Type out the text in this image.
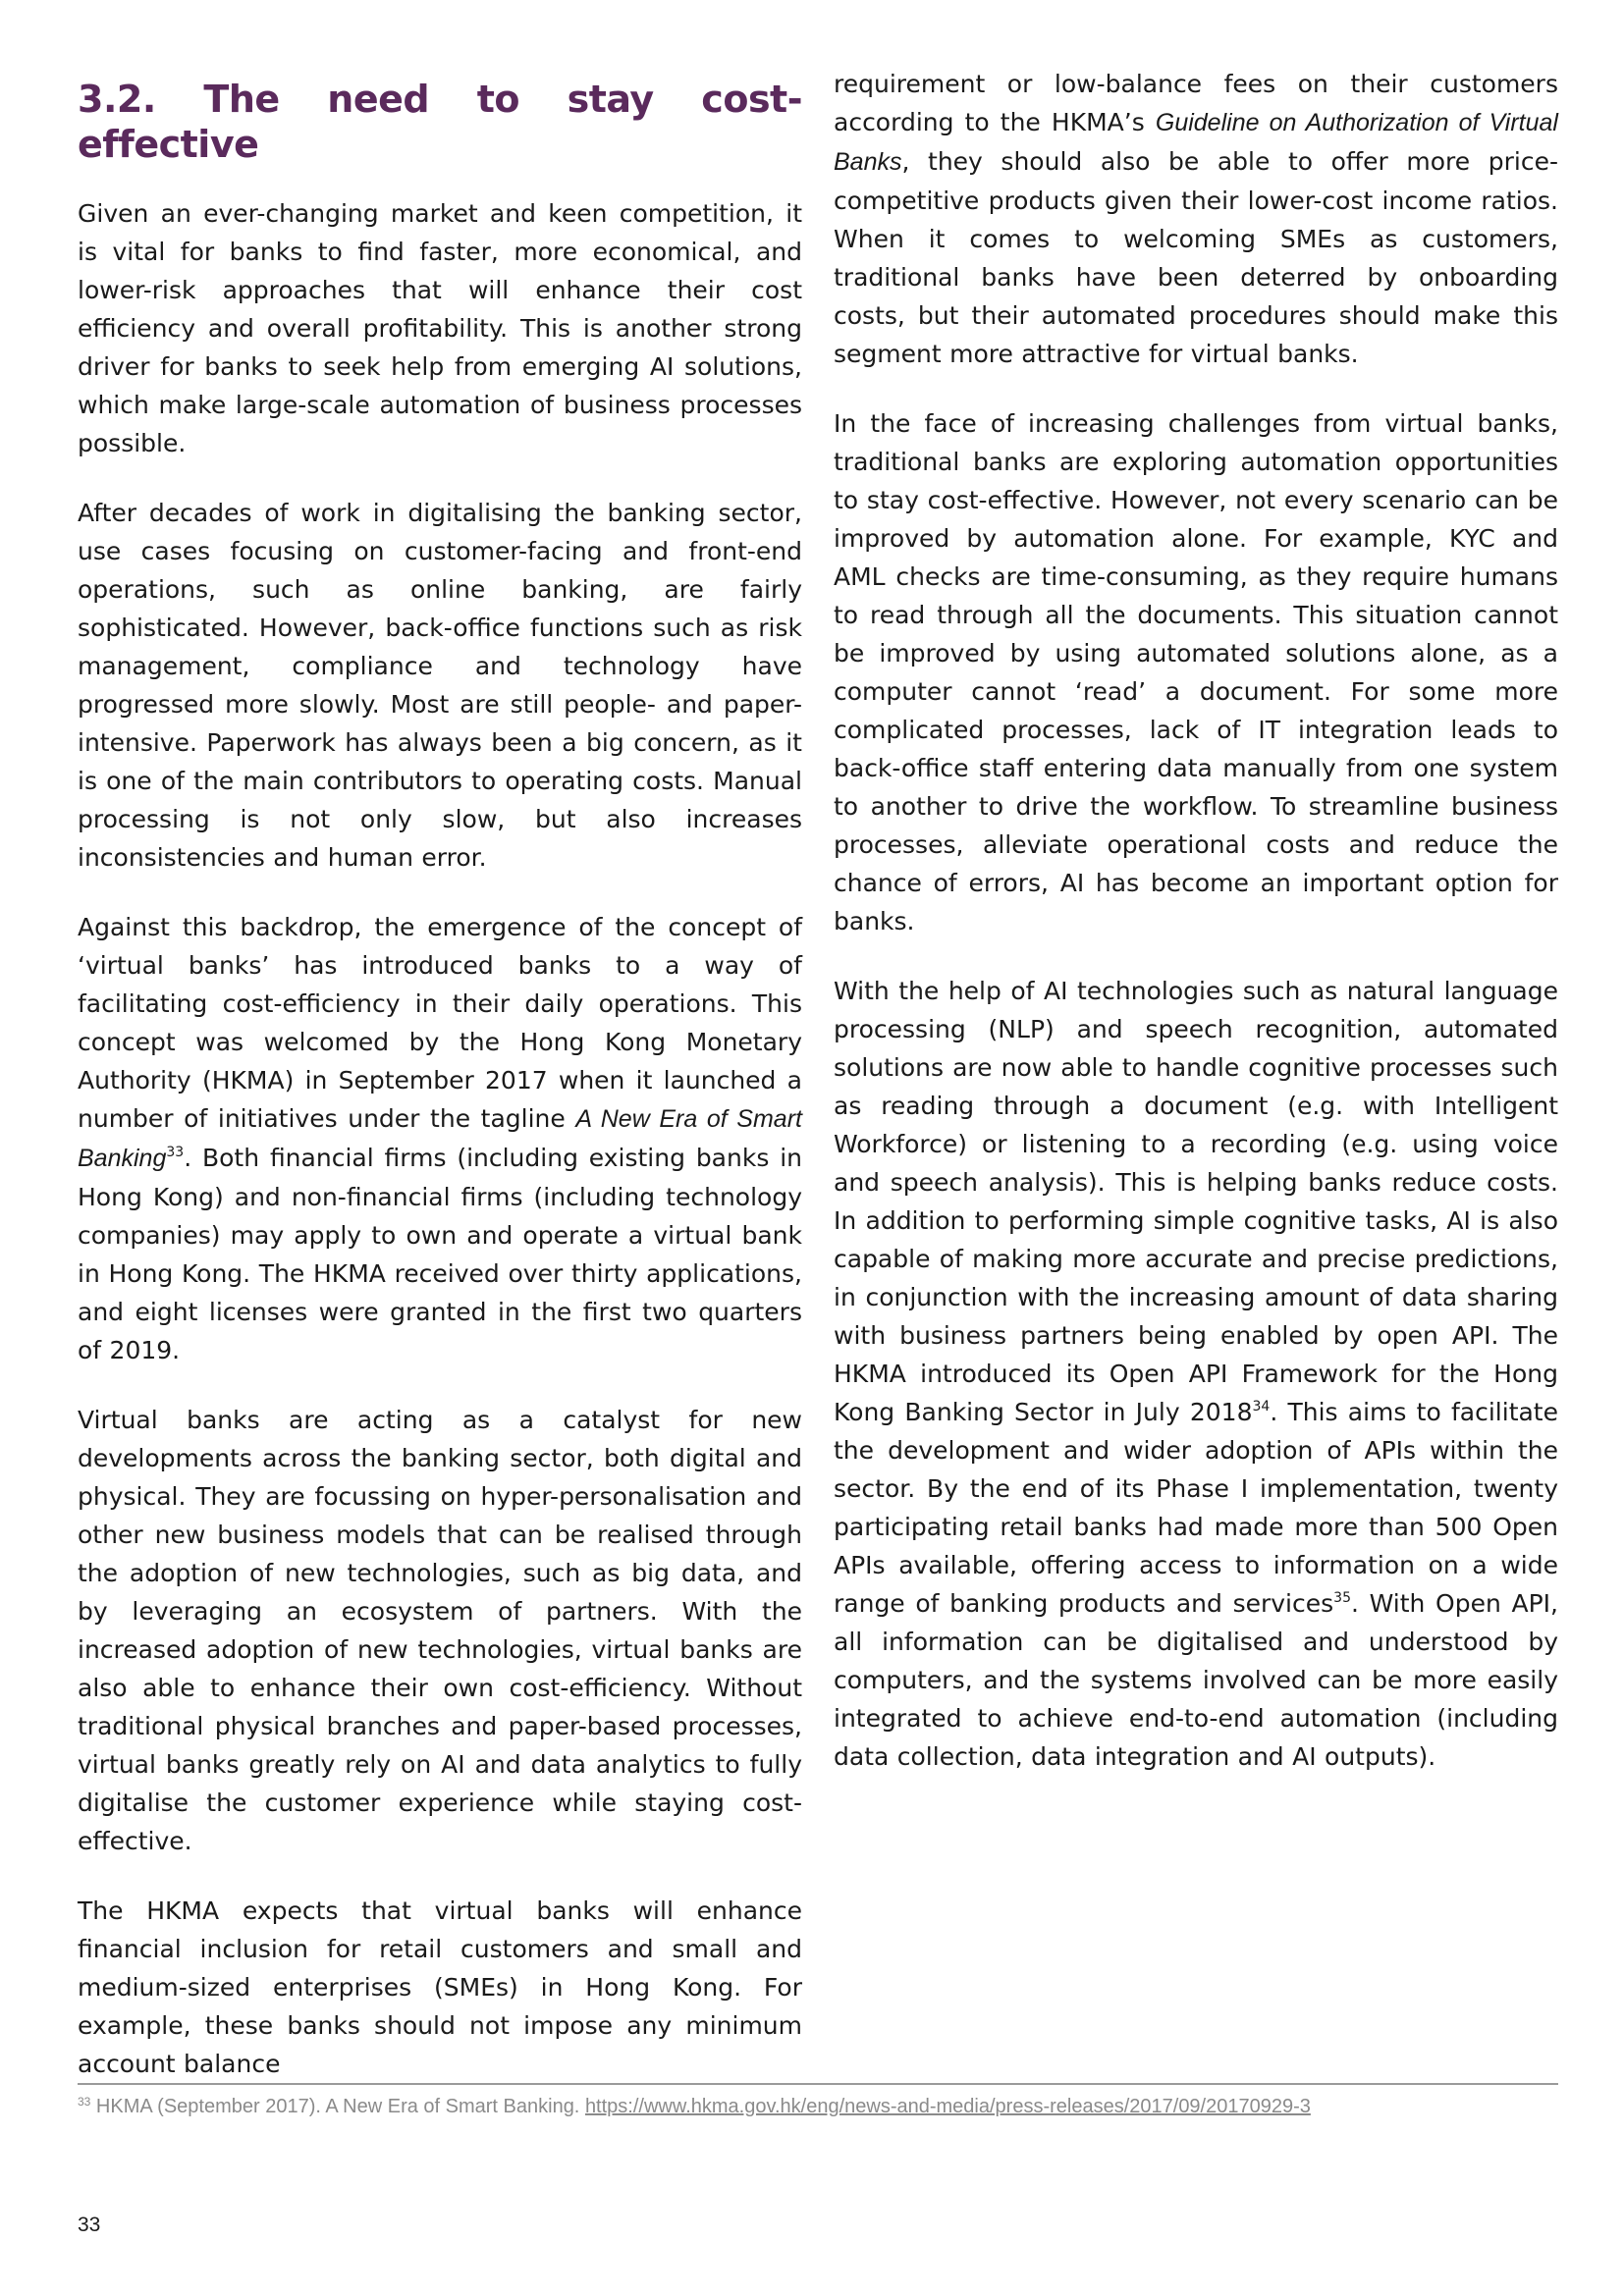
3.2. The need to stay cost-effective

Given an ever-changing market and keen competition, it is vital for banks to find faster, more economical, and lower-risk approaches that will enhance their cost efficiency and overall profitability. This is another strong driver for banks to seek help from emerging AI solutions, which make large-scale automation of business processes possible.

After decades of work in digitalising the banking sector, use cases focusing on customer-facing and front-end operations, such as online banking, are fairly sophisticated. However, back-office functions such as risk management, compliance and technology have progressed more slowly. Most are still people- and paper-intensive. Paperwork has always been a big concern, as it is one of the main contributors to operating costs. Manual processing is not only slow, but also increases inconsistencies and human error.

Against this backdrop, the emergence of the concept of ‘virtual banks’ has introduced banks to a way of facilitating cost-efficiency in their daily operations. This concept was welcomed by the Hong Kong Monetary Authority (HKMA) in September 2017 when it launched a number of initiatives under the tagline A New Era of Smart Banking$^{33}$. Both financial firms (including existing banks in Hong Kong) and non-financial firms (including technology companies) may apply to own and operate a virtual bank in Hong Kong. The HKMA received over thirty applications, and eight licenses were granted in the first two quarters of 2019.

Virtual banks are acting as a catalyst for new developments across the banking sector, both digital and physical. They are focussing on hyper-personalisation and other new business models that can be realised through the adoption of new technologies, such as big data, and by leveraging an ecosystem of partners. With the increased adoption of new technologies, virtual banks are also able to enhance their own cost-efficiency. Without traditional physical branches and paper-based processes, virtual banks greatly rely on AI and data analytics to fully digitalise the customer experience while staying cost-effective.

The HKMA expects that virtual banks will enhance financial inclusion for retail customers and small and medium-sized enterprises (SMEs) in Hong Kong. For example, these banks should not impose any minimum account balance

requirement or low-balance fees on their customers according to the HKMA’s Guideline on Authorization of Virtual Banks, they should also be able to offer more price-competitive products given their lower-cost income ratios. When it comes to welcoming SMEs as customers, traditional banks have been deterred by onboarding costs, but their automated procedures should make this segment more attractive for virtual banks.

In the face of increasing challenges from virtual banks, traditional banks are exploring automation opportunities to stay cost-effective. However, not every scenario can be improved by automation alone. For example, KYC and AML checks are time-consuming, as they require humans to read through all the documents. This situation cannot be improved by using automated solutions alone, as a computer cannot ‘read’ a document. For some more complicated processes, lack of IT integration leads to back-office staff entering data manually from one system to another to drive the workflow. To streamline business processes, alleviate operational costs and reduce the chance of errors, AI has become an important option for banks.

With the help of AI technologies such as natural language processing (NLP) and speech recognition, automated solutions are now able to handle cognitive processes such as reading through a document (e.g. with Intelligent Workforce) or listening to a recording (e.g. using voice and speech analysis). This is helping banks reduce costs. In addition to performing simple cognitive tasks, AI is also capable of making more accurate and precise predictions, in conjunction with the increasing amount of data sharing with business partners being enabled by open API. The HKMA introduced its Open API Framework for the Hong Kong Banking Sector in July 2018$^{34}$. This aims to facilitate the development and wider adoption of APIs within the sector. By the end of its Phase I implementation, twenty participating retail banks had made more than 500 Open APIs available, offering access to information on a wide range of banking products and services$^{35}$. With Open API, all information can be digitalised and understood by computers, and the systems involved can be more easily integrated to achieve end-to-end automation (including data collection, data integration and AI outputs).

$^{33}$ HKMA (September 2017). A New Era of Smart Banking. https://www.hkma.gov.hk/eng/news-and-media/press-releases/2017/09/20170929-3
33
